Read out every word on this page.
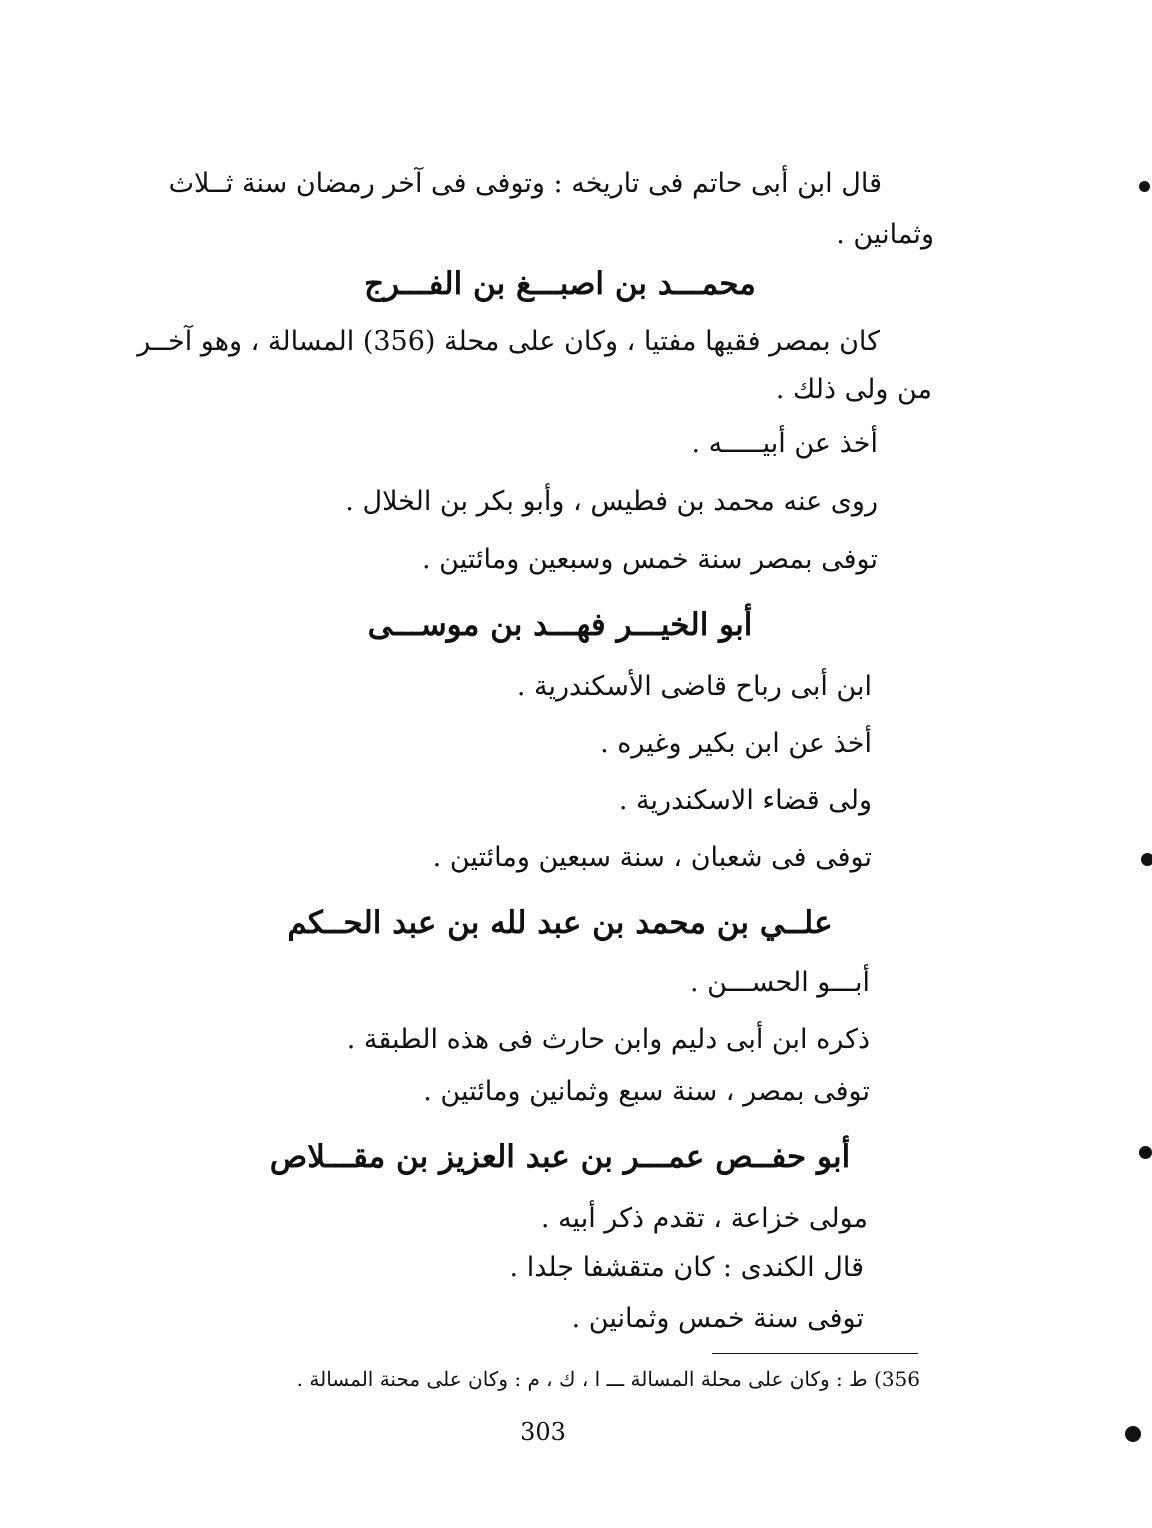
قال ابن أبى حاتم فى تاريخه : وتوفى فى آخر رمضان سنة ثــلاث
وثمانين .
محمـــد بن اصبـــغ بن الفـــرج
كان بمصر فقيها مفتيا ، وكان على محلة (356) المسالة ، وهو آخــر
من ولى ذلك .
أخذ عن أبيـــــه .
روى عنه محمد بن فطيس ، وأبو بكر بن الخلال .
توفى بمصر سنة خمس وسبعين ومائتين .
أبو الخيـــر فهـــد بن موســـى
ابن أبى رباح قاضى الأسكندرية .
أخذ عن ابن بكير وغيره .
ولى قضاء الاسكندرية .
توفى فى شعبان ، سنة سبعين ومائتين .
علــي بن محمد بن عبد لله بن عبد الحــكم
أبـــو الحســـن .
ذكره ابن أبى دليم وابن حارث فى هذه الطبقة .
توفى بمصر ، سنة سبع وثمانين ومائتين .
أبو حفــص عمـــر بن عبد العزيز بن مقـــلاص
مولى خزاعة ، تقدم ذكر أبيه .
قال الكندى : كان متقشفا جلدا .
توفى سنة خمس وثمانين .
356) ط : وكان على محلة المسالة ـــ ا ، ك ، م : وكان على محنة المسالة .
303
